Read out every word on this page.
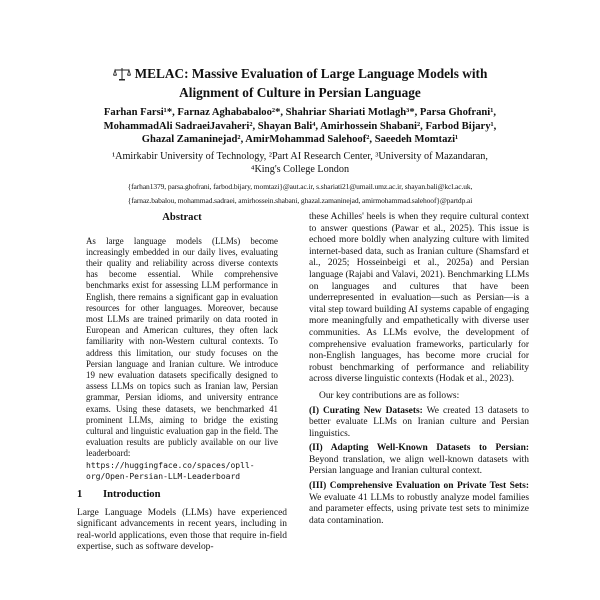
MELAC: Massive Evaluation of Large Language Models with
Alignment of Culture in Persian Language
Farhan Farsi¹*, Farnaz Aghababaloo²*, Shahriar Shariati Motlagh³*, Parsa Ghofrani¹,
MohammadAli SadraeiJavaheri², Shayan Bali⁴, Amirhossein Shabani², Farbod Bijary¹,
Ghazal Zamaninejad², AmirMohammad Salehoof², Saeedeh Momtazi¹
¹Amirkabir University of Technology, ²Part AI Research Center, ³University of Mazandaran,
⁴King's College London
{farhan1379, parsa.ghofrani, farbod.bijary, momtazi}@aut.ac.ir, s.shariati21@umail.umz.ac.ir, shayan.bali@kcl.ac.uk,
{farnaz.babalou, mohammad.sadraei, amirhossein.shabani, ghazal.zamaninejad, amirmohammad.salehoof}@partdp.ai
Abstract
As large language models (LLMs) become increasingly embedded in our daily lives, evaluating their quality and reliability across diverse contexts has become essential. While comprehensive benchmarks exist for assessing LLM performance in English, there remains a significant gap in evaluation resources for other languages. Moreover, because most LLMs are trained primarily on data rooted in European and American cultures, they often lack familiarity with non-Western cultural contexts. To address this limitation, our study focuses on the Persian language and Iranian culture. We introduce 19 new evaluation datasets specifically designed to assess LLMs on topics such as Iranian law, Persian grammar, Persian idioms, and university entrance exams. Using these datasets, we benchmarked 41 prominent LLMs, aiming to bridge the existing cultural and linguistic evaluation gap in the field. The evaluation results are publicly available on our live leaderboard: https://huggingface.co/spaces/opll-org/Open-Persian-LLM-Leaderboard
1 Introduction

Large Language Models (LLMs) have experienced significant advancements in recent years, including in real-world applications, even those that require in-field expertise, such as software develop-

these Achilles' heels is when they require cultural context to answer questions (Pawar et al., 2025). This issue is echoed more boldly when analyzing culture with limited internet-based data, such as Iranian culture (Shamsfard et al., 2025; Hosseinbeigi et al., 2025a) and Persian language (Rajabi and Valavi, 2021). Benchmarking LLMs on languages and cultures that have been underrepresented in evaluation—such as Persian—is a vital step toward building AI systems capable of engaging more meaningfully and empathetically with diverse user communities. As LLMs evolve, the development of comprehensive evaluation frameworks, particularly for non-English languages, has become more crucial for robust benchmarking of performance and reliability across diverse linguistic contexts (Hodak et al., 2023).

Our key contributions are as follows:

(I) Curating New Datasets: We created 13 datasets to better evaluate LLMs on Iranian culture and Persian linguistics.
(II) Adapting Well-Known Datasets to Persian: Beyond translation, we align well-known datasets with Persian language and Iranian cultural context.
(III) Comprehensive Evaluation on Private Test Sets: We evaluate 41 LLMs to robustly analyze model families and parameter effects, using private test sets to minimize data contamination.
